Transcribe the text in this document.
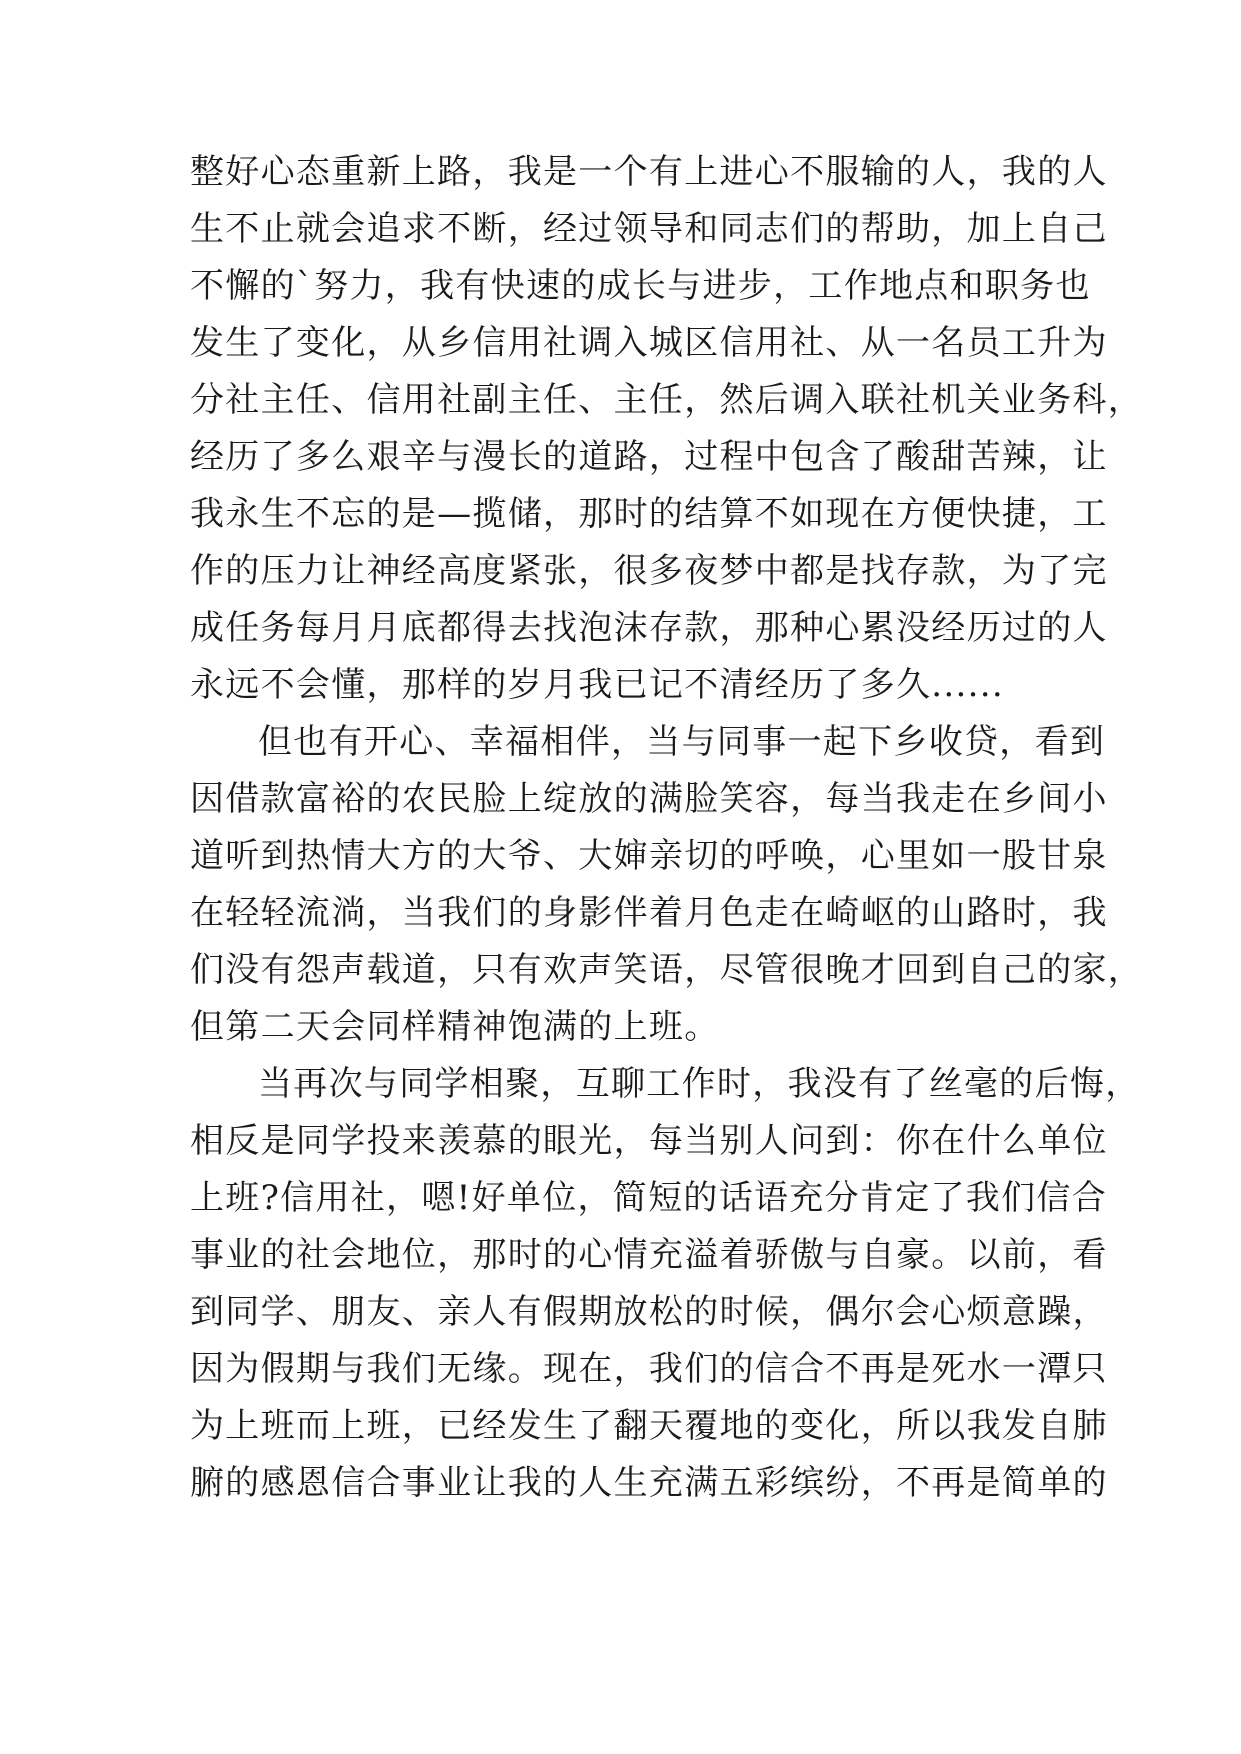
整好心态重新上路，我是一个有上进心不服输的人，我的人
生不止就会追求不断，经过领导和同志们的帮助，加上自己
不懈的`努力，我有快速的成长与进步，工作地点和职务也
发生了变化，从乡信用社调入城区信用社、从一名员工升为
分社主任、信用社副主任、主任，然后调入联社机关业务科，
经历了多么艰辛与漫长的道路，过程中包含了酸甜苦辣，让
我永生不忘的是—揽储，那时的结算不如现在方便快捷，工
作的压力让神经高度紧张，很多夜梦中都是找存款，为了完
成任务每月月底都得去找泡沫存款，那种心累没经历过的人
永远不会懂，那样的岁月我已记不清经历了多久......
但也有开心、幸福相伴，当与同事一起下乡收贷，看到
因借款富裕的农民脸上绽放的满脸笑容，每当我走在乡间小
道听到热情大方的大爷、大婶亲切的呼唤，心里如一股甘泉
在轻轻流淌，当我们的身影伴着月色走在崎岖的山路时，我
们没有怨声载道，只有欢声笑语，尽管很晚才回到自己的家，
但第二天会同样精神饱满的上班。
当再次与同学相聚，互聊工作时，我没有了丝毫的后悔，
相反是同学投来羡慕的眼光，每当别人问到：你在什么单位
上班?信用社，嗯!好单位，简短的话语充分肯定了我们信合
事业的社会地位，那时的心情充溢着骄傲与自豪。以前，看
到同学、朋友、亲人有假期放松的时候，偶尔会心烦意躁，
因为假期与我们无缘。现在，我们的信合不再是死水一潭只
为上班而上班，已经发生了翻天覆地的变化，所以我发自肺
腑的感恩信合事业让我的人生充满五彩缤纷，不再是简单的
